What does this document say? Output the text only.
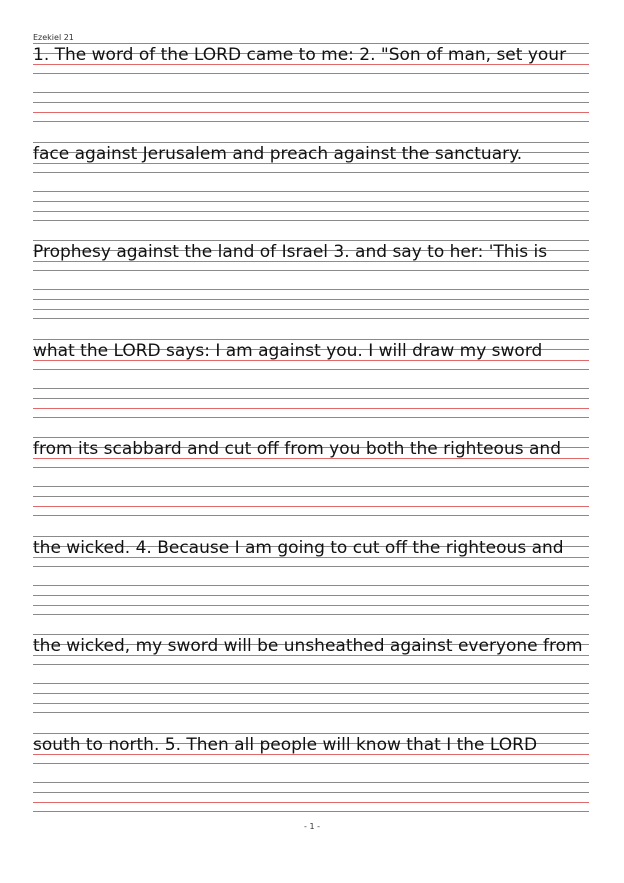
Ezekiel 21
1. The word of the LORD came to me: 2. "Son of man, set your
face against Jerusalem and preach against the sanctuary.
Prophesy against the land of Israel 3. and say to her: 'This is
what the LORD says: I am against you. I will draw my sword
from its scabbard and cut off from you both the righteous and
the wicked. 4. Because I am going to cut off the righteous and
the wicked, my sword will be unsheathed against everyone from
south to north. 5. Then all people will know that I the LORD
- 1 -
